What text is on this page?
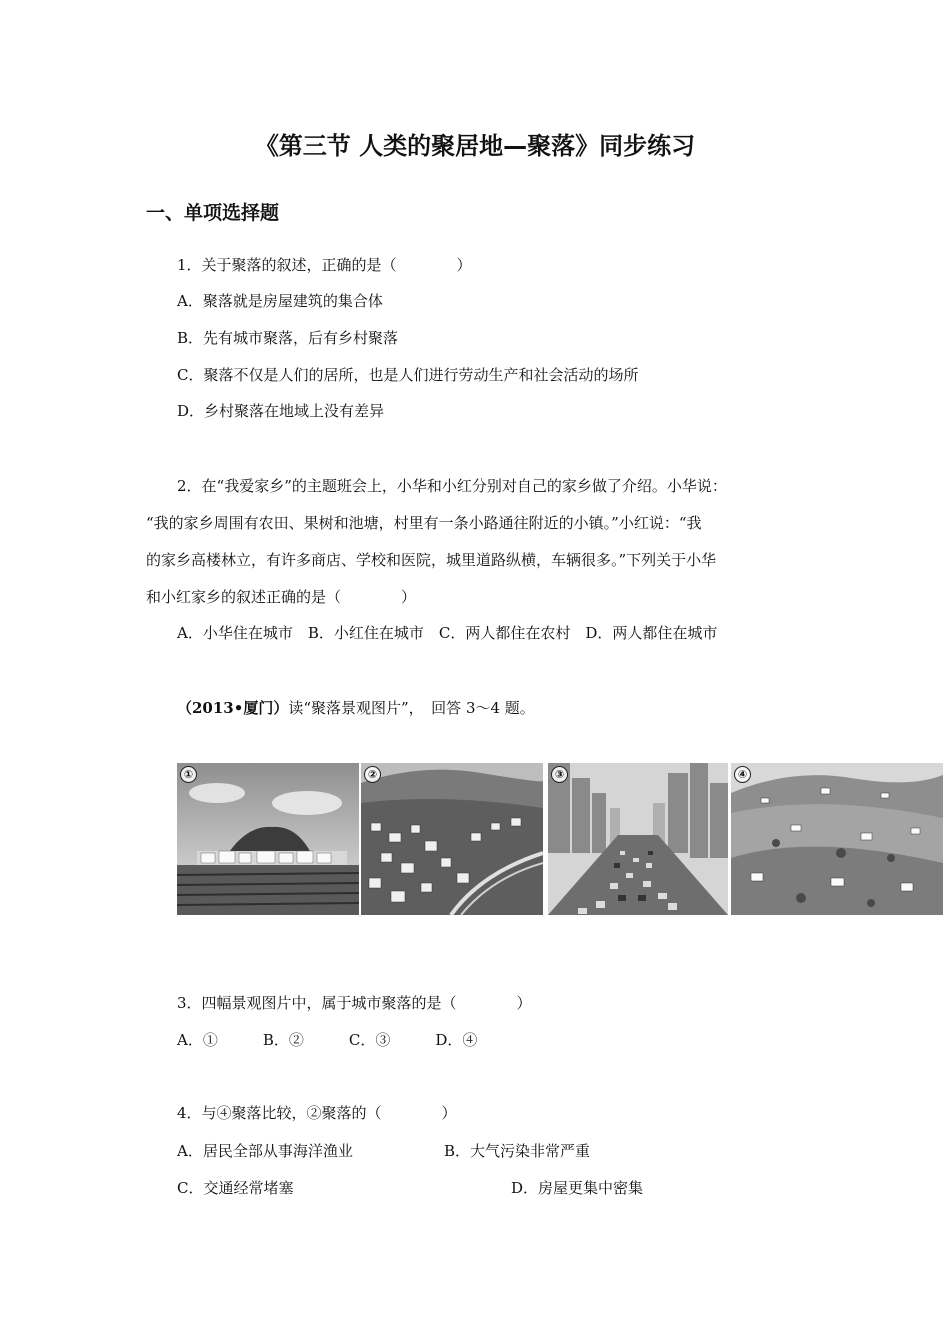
《第三节 人类的聚居地—聚落》同步练习
一、单项选择题
1．关于聚落的叙述，正确的是（　　　　）
A．聚落就是房屋建筑的集合体
B．先有城市聚落，后有乡村聚落
C．聚落不仅是人们的居所，也是人们进行劳动生产和社会活动的场所
D．乡村聚落在地域上没有差异
2．在“我爱家乡”的主题班会上，小华和小红分别对自己的家乡做了介绍。小华说：
“我的家乡周围有农田、果树和池塘，村里有一条小路通往附近的小镇。”小红说：“我
的家乡高楼林立，有许多商店、学校和医院，城里道路纵横，车辆很多。”下列关于小华
和小红家乡的叙述正确的是（　　　　）
A．小华住在城市　B．小红住在城市　C．两人都住在农村　D．两人都住在城市
（2013•厦门）读“聚落景观图片”，　回答 3～4 题。
①	②	③	④
3．四幅景观图片中，属于城市聚落的是（　　　　）
A．①　　　B．②　　　C．③　　　D．④
4．与④聚落比较，②聚落的（　　　　）
A．居民全部从事海洋渔业	B．大气污染非常严重
C．交通经常堵塞	D．房屋更集中密集
